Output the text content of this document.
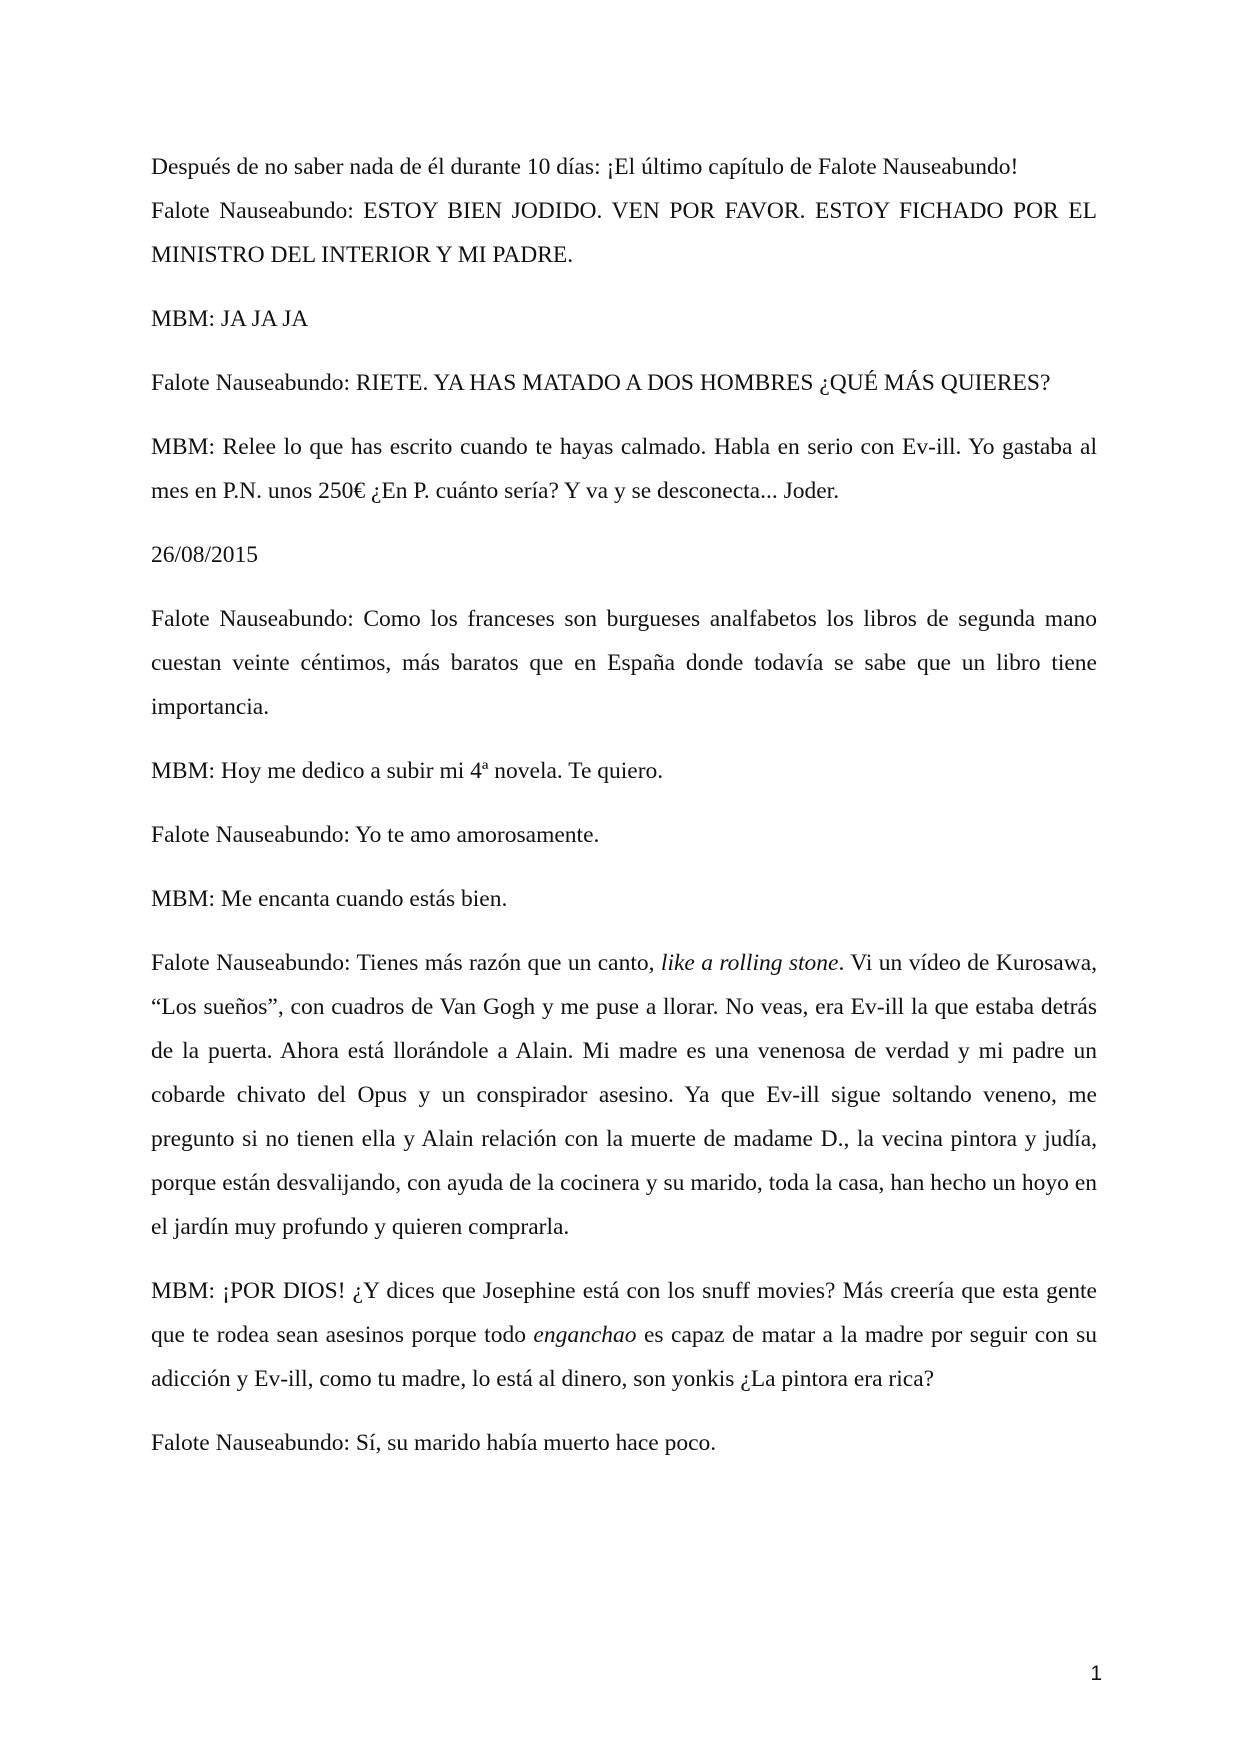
Después de no saber nada de él durante 10 días: ¡El último capítulo de Falote Nauseabundo!

Falote Nauseabundo: ESTOY BIEN JODIDO. VEN POR FAVOR. ESTOY FICHADO POR EL MINISTRO DEL INTERIOR Y MI PADRE.

MBM: JA JA JA

Falote Nauseabundo: RIETE. YA HAS MATADO A DOS HOMBRES ¿QUÉ MÁS QUIERES?

MBM: Relee lo que has escrito cuando te hayas calmado. Habla en serio con Ev-ill. Yo gastaba al mes en P.N. unos 250€ ¿En P. cuánto sería? Y va y se desconecta... Joder.

26/08/2015

Falote Nauseabundo: Como los franceses son burgueses analfabetos los libros de segunda mano cuestan veinte céntimos, más baratos que en España donde todavía se sabe que un libro tiene importancia.

MBM: Hoy me dedico a subir mi 4ª novela. Te quiero.

Falote Nauseabundo: Yo te amo amorosamente.

MBM: Me encanta cuando estás bien.

Falote Nauseabundo: Tienes más razón que un canto, like a rolling stone. Vi un vídeo de Kurosawa, “Los sueños”, con cuadros de Van Gogh y me puse a llorar. No veas, era Ev-ill la que estaba detrás de la puerta. Ahora está llorándole a Alain. Mi madre es una venenosa de verdad y mi padre un cobarde chivato del Opus y un conspirador asesino. Ya que Ev-ill sigue soltando veneno, me pregunto si no tienen ella y Alain relación con la muerte de madame D., la vecina pintora y judía, porque están desvalijando, con ayuda de la cocinera y su marido, toda la casa, han hecho un hoyo en el jardín muy profundo y quieren comprarla.

MBM: ¡POR DIOS! ¿Y dices que Josephine está con los snuff movies? Más creería que esta gente que te rodea sean asesinos porque todo enganchao es capaz de matar a la madre por seguir con su adicción y Ev-ill, como tu madre, lo está al dinero, son yonkis ¿La pintora era rica?

Falote Nauseabundo: Sí, su marido había muerto hace poco.

1
